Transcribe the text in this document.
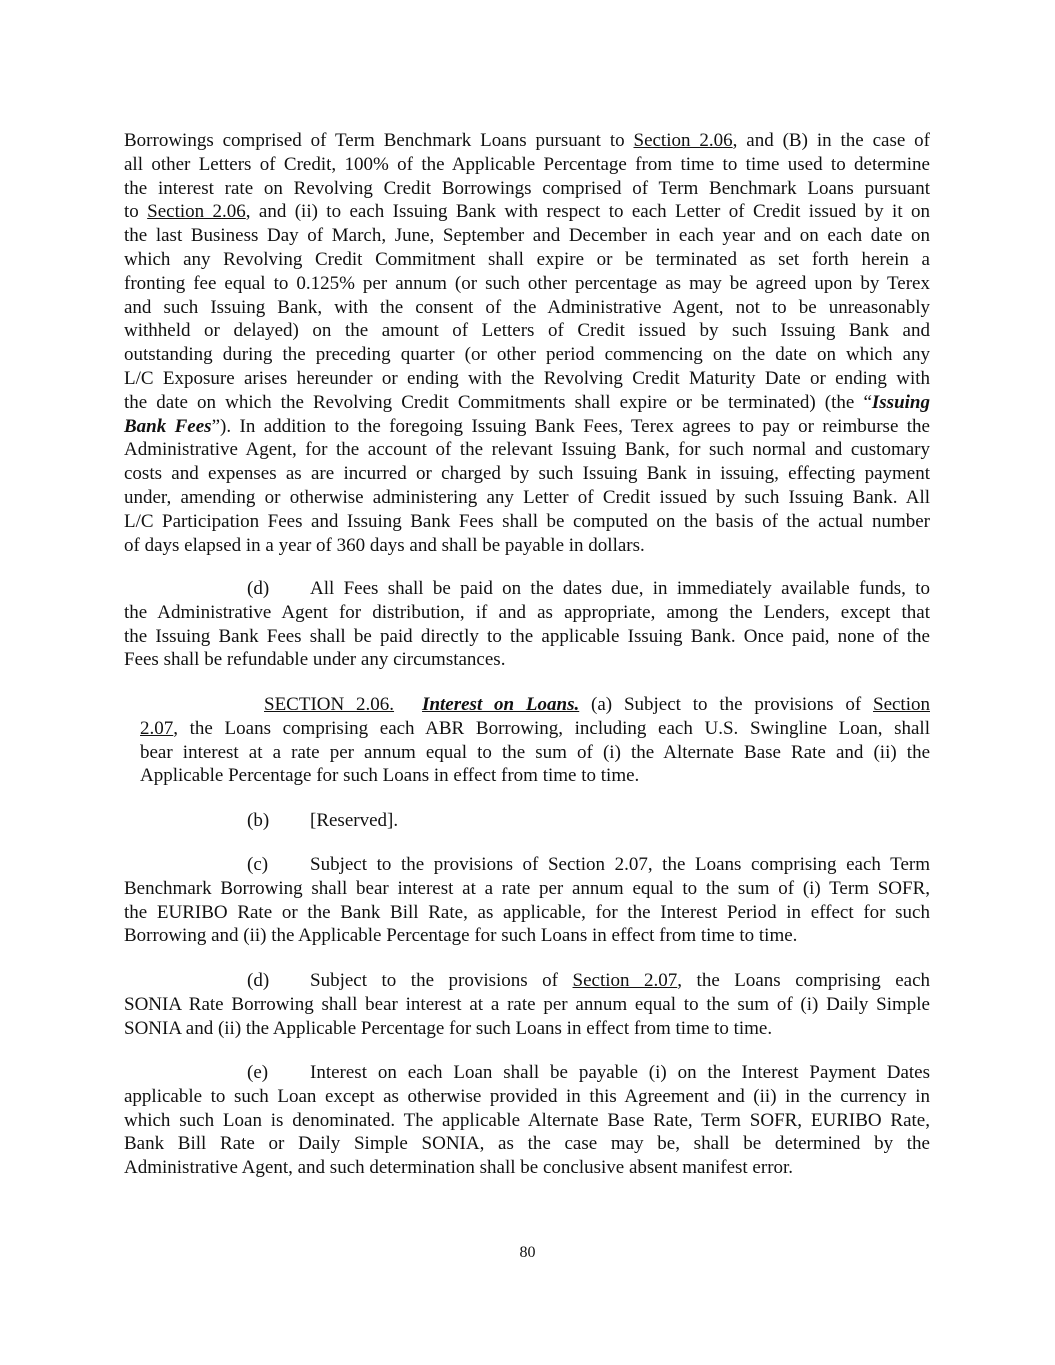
Borrowings comprised of Term Benchmark Loans pursuant to Section 2.06, and (B) in the case of
all other Letters of Credit, 100% of the Applicable Percentage from time to time used to determine
the interest rate on Revolving Credit Borrowings comprised of Term Benchmark Loans pursuant
to Section 2.06, and (ii) to each Issuing Bank with respect to each Letter of Credit issued by it on
the last Business Day of March, June, September and December in each year and on each date on
which any Revolving Credit Commitment shall expire or be terminated as set forth herein a
fronting fee equal to 0.125% per annum (or such other percentage as may be agreed upon by Terex
and such Issuing Bank, with the consent of the Administrative Agent, not to be unreasonably
withheld or delayed) on the amount of Letters of Credit issued by such Issuing Bank and
outstanding during the preceding quarter (or other period commencing on the date on which any
L/C Exposure arises hereunder or ending with the Revolving Credit Maturity Date or ending with
the date on which the Revolving Credit Commitments shall expire or be terminated) (the “Issuing
Bank Fees”). In addition to the foregoing Issuing Bank Fees, Terex agrees to pay or reimburse the
Administrative Agent, for the account of the relevant Issuing Bank, for such normal and customary
costs and expenses as are incurred or charged by such Issuing Bank in issuing, effecting payment
under, amending or otherwise administering any Letter of Credit issued by such Issuing Bank. All
L/C Participation Fees and Issuing Bank Fees shall be computed on the basis of the actual number
of days elapsed in a year of 360 days and shall be payable in dollars.
(d) All Fees shall be paid on the dates due, in immediately available funds, to
the Administrative Agent for distribution, if and as appropriate, among the Lenders, except that
the Issuing Bank Fees shall be paid directly to the applicable Issuing Bank. Once paid, none of the
Fees shall be refundable under any circumstances.
SECTION 2.06. Interest on Loans. (a) Subject to the provisions of Section
2.07, the Loans comprising each ABR Borrowing, including each U.S. Swingline Loan, shall
bear interest at a rate per annum equal to the sum of (i) the Alternate Base Rate and (ii) the
Applicable Percentage for such Loans in effect from time to time.
(b) [Reserved].
(c) Subject to the provisions of Section 2.07, the Loans comprising each Term
Benchmark Borrowing shall bear interest at a rate per annum equal to the sum of (i) Term SOFR,
the EURIBO Rate or the Bank Bill Rate, as applicable, for the Interest Period in effect for such
Borrowing and (ii) the Applicable Percentage for such Loans in effect from time to time.
(d) Subject to the provisions of Section 2.07, the Loans comprising each
SONIA Rate Borrowing shall bear interest at a rate per annum equal to the sum of (i) Daily Simple
SONIA and (ii) the Applicable Percentage for such Loans in effect from time to time.
(e) Interest on each Loan shall be payable (i) on the Interest Payment Dates
applicable to such Loan except as otherwise provided in this Agreement and (ii) in the currency in
which such Loan is denominated. The applicable Alternate Base Rate, Term SOFR, EURIBO Rate,
Bank Bill Rate or Daily Simple SONIA, as the case may be, shall be determined by the
Administrative Agent, and such determination shall be conclusive absent manifest error.
80
